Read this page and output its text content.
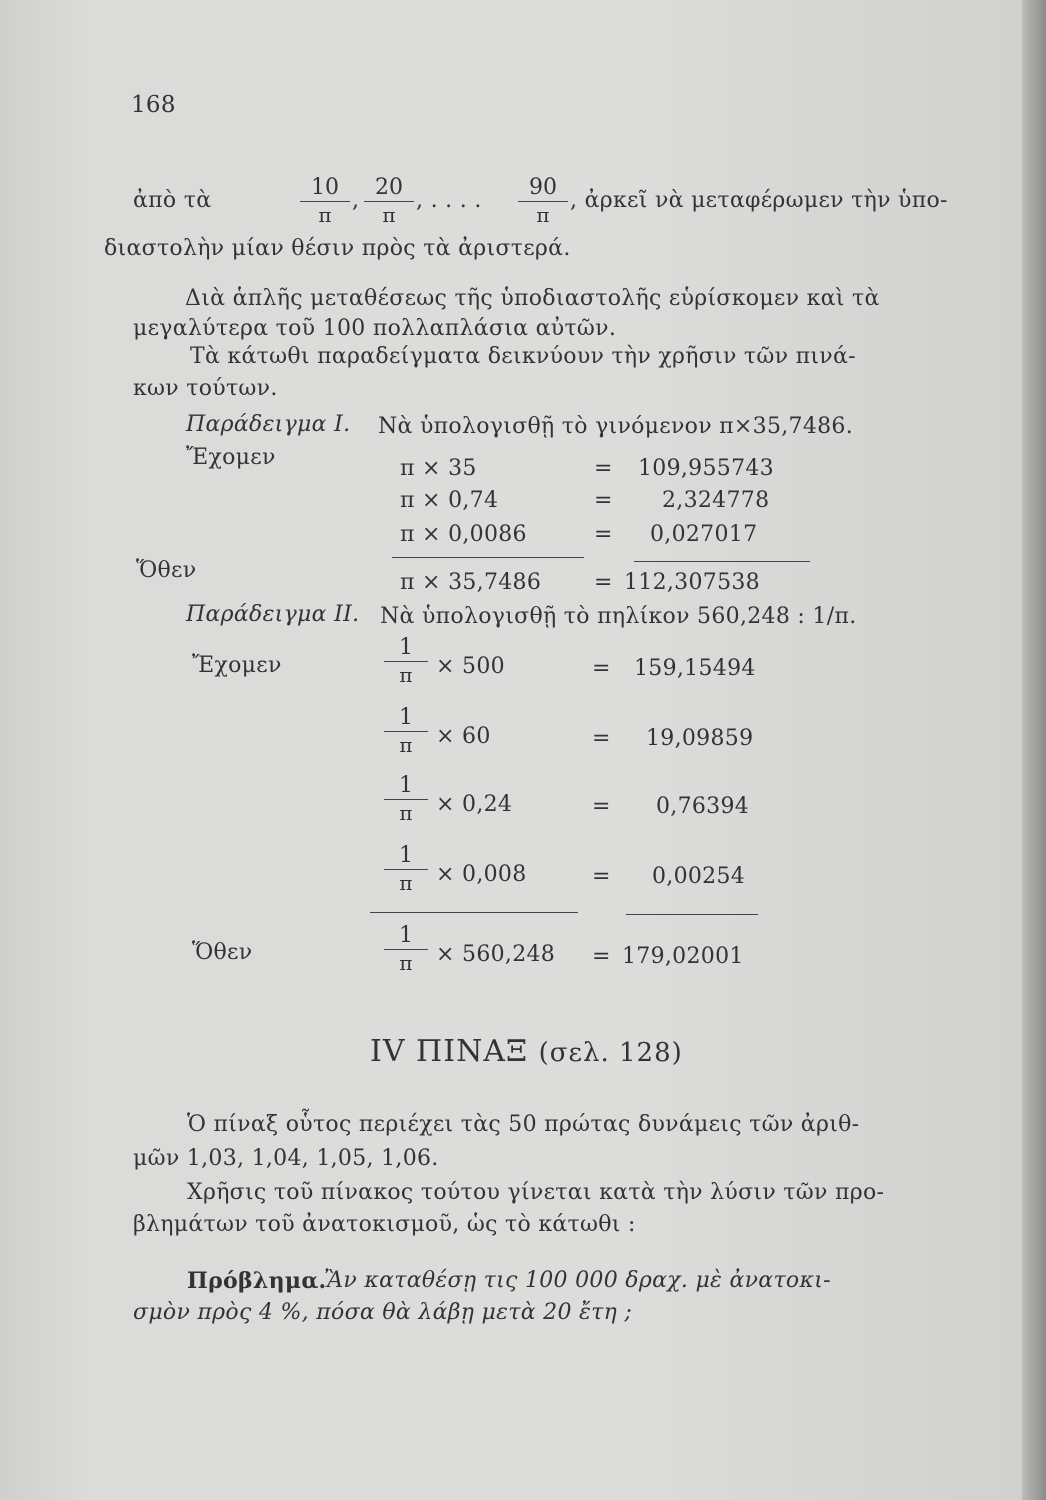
168
ἀπὸ τὰ	$\frac{10}{\pi}$ , $\frac{20}{\pi}$ , . . . . $\frac{90}{\pi}$ , ἀρκεῖ νὰ μεταφέρωμεν τὴν ὑπο-
διαστολὴν μίαν θέσιν πρὸς τὰ ἀριστερά.
Διὰ ἁπλῆς μεταθέσεως τῆς ὑποδιαστολῆς εὑρίσκομεν καὶ τὰ
μεγαλύτερα τοῦ 100 πολλαπλάσια αὐτῶν.
Τὰ κάτωθι παραδείγματα δεικνύουν τὴν χρῆσιν τῶν πινά-
κων τούτων.
Παράδειγμα Ι. Νὰ ὑπολογισθῇ τὸ γινόμενον π×35,7486.
Ἔχομεν	π × 35	= 109,955743
π × 0,74	= 2,324778
π × 0,0086	= 0,027017
Ὅθεν	π × 35,7486 = 112,307538
Παράδειγμα ΙΙ. Νὰ ὑπολογισθῇ τὸ πηλίκον 560,248 : 1/π.
Ἔχομεν	$\frac{1}{\pi} \times 500$	= 159,15494
$\frac{1}{\pi} \times 60$	= 19,09859
$\frac{1}{\pi} \times 0,24$	= 0,76394
$\frac{1}{\pi} \times 0,008$	= 0,00254
Ὅθεν	$\frac{1}{\pi} \times 560,248 = 179,02001$
IV ΠΙΝΑΞ (σελ. 128)
Ὁ πίναξ οὗτος περιέχει τὰς 50 πρώτας δυνάμεις τῶν ἀριθ-
μῶν 1,03, 1,04, 1,05, 1,06.
Χρῆσις τοῦ πίνακος τούτου γίνεται κατὰ τὴν λύσιν τῶν προ-
βλημάτων τοῦ ἀνατοκισμοῦ, ὡς τὸ κάτωθι :
Πρόβλημα.
Ἂν καταθέσῃ τις 100 000 δραχ. μὲ ἀνατοκι-
σμὸν πρὸς 4 %, πόσα θὰ λάβῃ μετὰ 20 ἔτη ;
